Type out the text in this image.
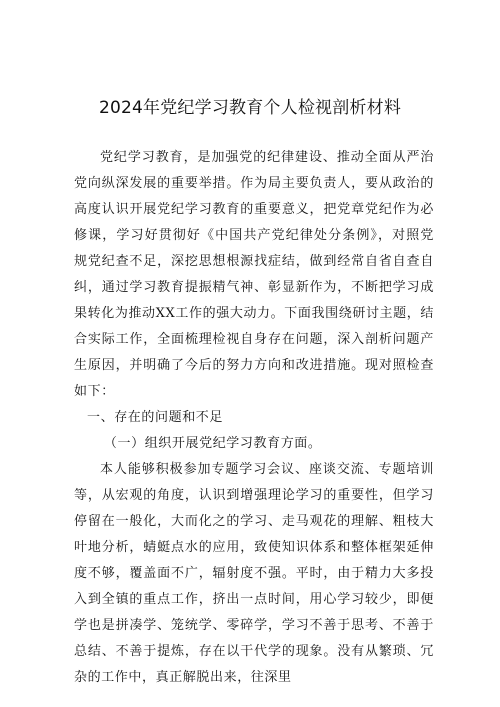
2024年党纪学习教育个人检视剖析材料

党纪学习教育，是加强党的纪律建设、推动全面从严治党向纵深发展的重要举措。作为局主要负责人，要从政治的高度认识开展党纪学习教育的重要意义，把党章党纪作为必修课，学习好贯彻好《中国共产党纪律处分条例》，对照党规党纪查不足，深挖思想根源找症结，做到经常自省自查自纠，通过学习教育提振精气神、彰显新作为，不断把学习成果转化为推动XX工作的强大动力。下面我围绕研讨主题，结合实际工作，全面梳理检视自身存在问题，深入剖析问题产生原因，并明确了今后的努力方向和改进措施。现对照检查如下：

一、存在的问题和不足

（一）组织开展党纪学习教育方面。

本人能够积极参加专题学习会议、座谈交流、专题培训等，从宏观的角度，认识到增强理论学习的重要性，但学习停留在一般化，大而化之的学习、走马观花的理解、粗枝大叶地分析，蜻蜓点水的应用，致使知识体系和整体框架延伸度不够，覆盖面不广，辐射度不强。平时，由于精力大多投入到全镇的重点工作，挤出一点时间，用心学习较少，即便学也是拼凑学、笼统学、零碎学，学习不善于思考、不善于总结、不善于提炼，存在以干代学的现象。没有从繁琐、冗杂的工作中，真正解脱出来，往深里
